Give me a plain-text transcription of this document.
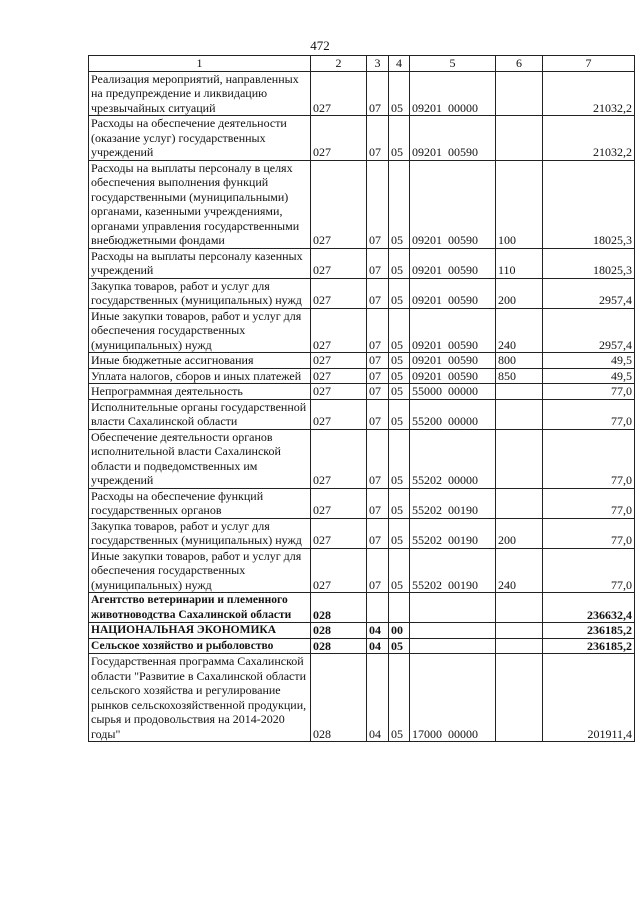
472
1	2	3	4	5	6	7
Реализация мероприятий, направленных на предупреждение и ликвидацию чрезвычайных ситуаций	027	07	05	09201  00000		21032,2
Расходы на обеспечение деятельности (оказание услуг) государственных учреждений	027	07	05	09201  00590		21032,2
Расходы на выплаты персоналу в целях обеспечения выполнения функций государственными (муниципальными) органами, казенными учреждениями, органами управления государственными внебюджетными фондами	027	07	05	09201  00590	100	18025,3
Расходы на выплаты персоналу казенных учреждений	027	07	05	09201  00590	110	18025,3
Закупка товаров, работ и услуг для государственных (муниципальных) нужд	027	07	05	09201  00590	200	2957,4
Иные закупки товаров, работ и услуг для обеспечения государственных (муниципальных) нужд	027	07	05	09201  00590	240	2957,4
Иные бюджетные ассигнования	027	07	05	09201  00590	800	49,5
Уплата налогов, сборов и иных платежей	027	07	05	09201  00590	850	49,5
Непрограммная деятельность	027	07	05	55000  00000		77,0
Исполнительные органы государственной власти Сахалинской области	027	07	05	55200  00000		77,0
Обеспечение деятельности органов исполнительной власти Сахалинской области и подведомственных им учреждений	027	07	05	55202  00000		77,0
Расходы на обеспечение функций государственных органов	027	07	05	55202  00190		77,0
Закупка товаров, работ и услуг для государственных (муниципальных) нужд	027	07	05	55202  00190	200	77,0
Иные закупки товаров, работ и услуг для обеспечения государственных (муниципальных) нужд	027	07	05	55202  00190	240	77,0
Агентство ветеринарии и племенного животноводства Сахалинской области	028					236632,4
НАЦИОНАЛЬНАЯ ЭКОНОМИКА	028	04	00			236185,2
Сельское хозяйство и рыболовство	028	04	05			236185,2
Государственная программа Сахалинской области "Развитие в Сахалинской области сельского хозяйства и регулирование рынков сельскохозяйственной продукции, сырья и продовольствия на 2014-2020 годы"	028	04	05	17000  00000		201911,4
